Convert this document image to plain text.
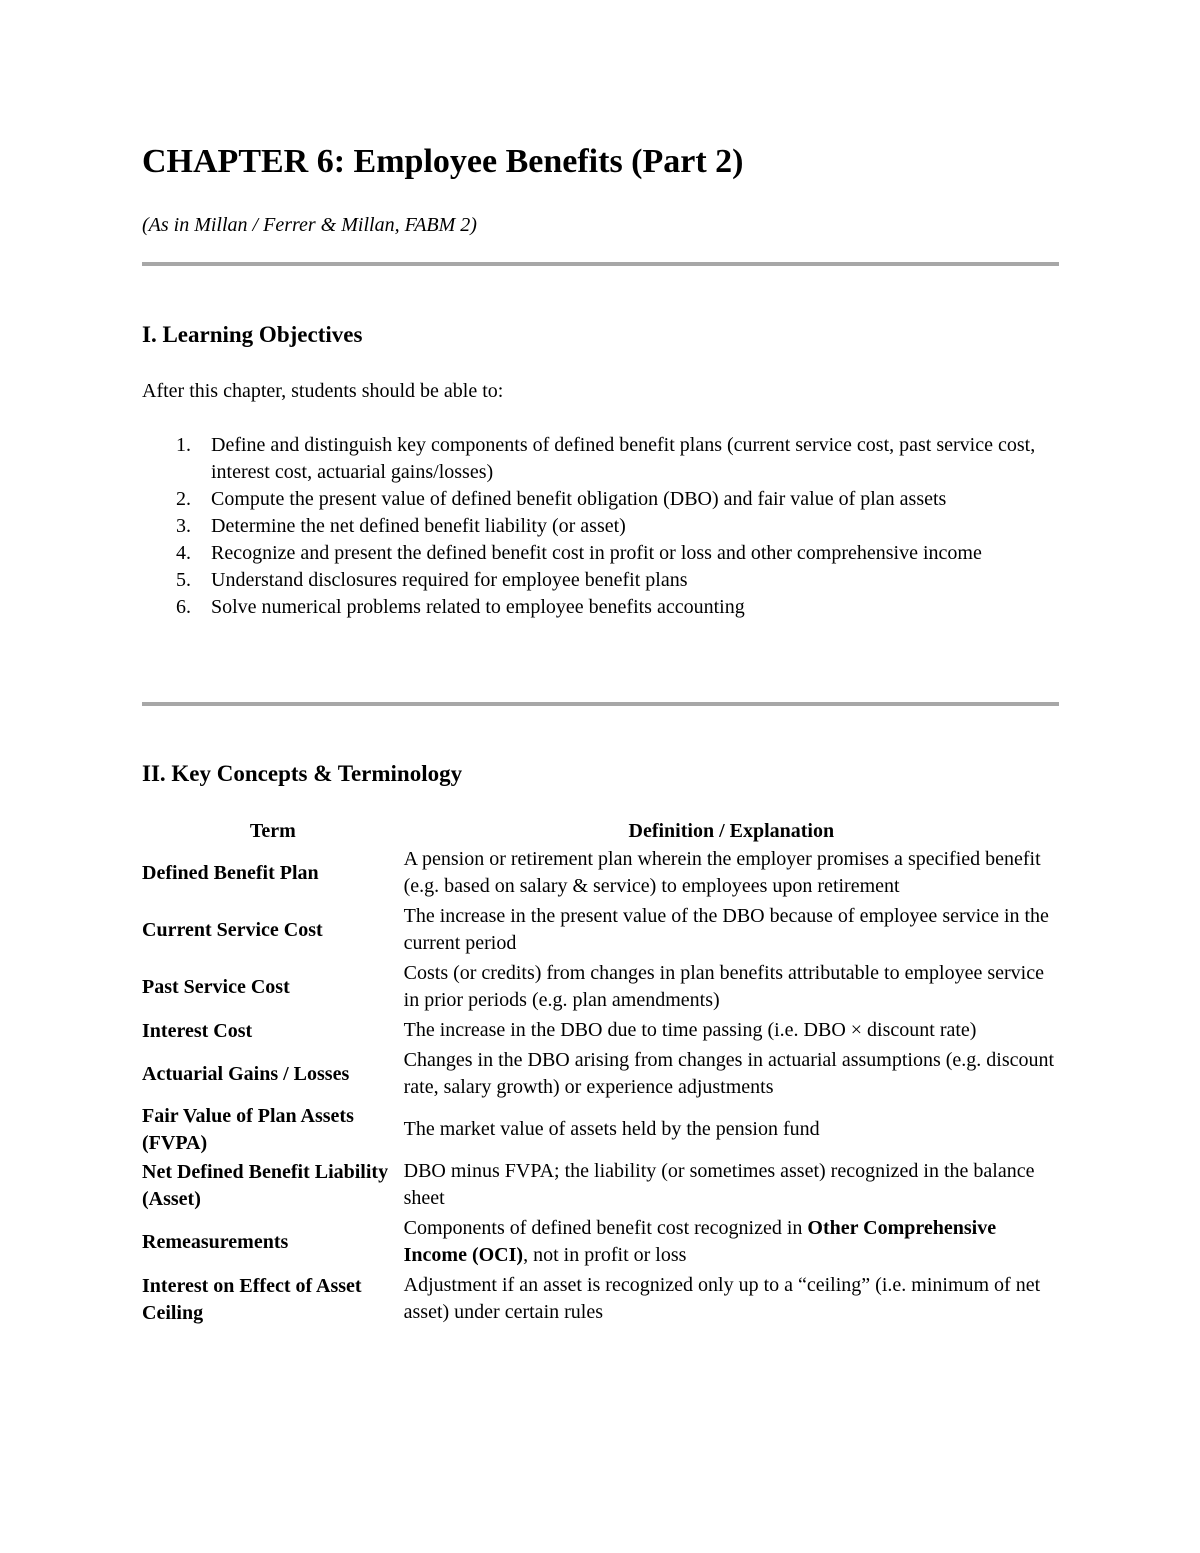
CHAPTER 6: Employee Benefits (Part 2)

(As in Millan / Ferrer & Millan, FABM 2)

I. Learning Objectives

After this chapter, students should be able to:

1. Define and distinguish key components of defined benefit plans (current service cost, past service cost, interest cost, actuarial gains/losses)
2. Compute the present value of defined benefit obligation (DBO) and fair value of plan assets
3. Determine the net defined benefit liability (or asset)
4. Recognize and present the defined benefit cost in profit or loss and other comprehensive income
5. Understand disclosures required for employee benefit plans
6. Solve numerical problems related to employee benefits accounting
II. Key Concepts & Terminology
Term	Definition / Explanation
Defined Benefit Plan	A pension or retirement plan wherein the employer promises a specified benefit (e.g. based on salary & service) to employees upon retirement
Current Service Cost	The increase in the present value of the DBO because of employee service in the current period
Past Service Cost	Costs (or credits) from changes in plan benefits attributable to employee service in prior periods (e.g. plan amendments)
Interest Cost	The increase in the DBO due to time passing (i.e. DBO × discount rate)
Actuarial Gains / Losses	Changes in the DBO arising from changes in actuarial assumptions (e.g. discount rate, salary growth) or experience adjustments
Fair Value of Plan Assets (FVPA)	The market value of assets held by the pension fund
Net Defined Benefit Liability (Asset)	DBO minus FVPA; the liability (or sometimes asset) recognized in the balance sheet
Remeasurements	Components of defined benefit cost recognized in Other Comprehensive Income (OCI), not in profit or loss
Interest on Effect of Asset Ceiling	Adjustment if an asset is recognized only up to a “ceiling” (i.e. minimum of net asset) under certain rules
